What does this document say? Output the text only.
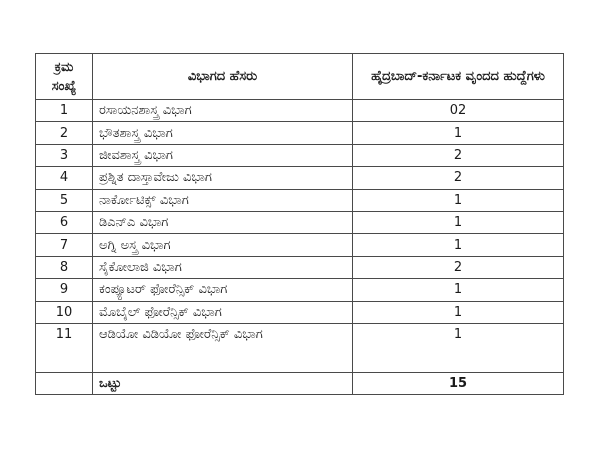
ಕ್ರಮ ಸಂಖ್ಯೆ	ವಿಭಾಗದ ಹೆಸರು	ಹೈದ್ರಬಾದ್-ಕರ್ನಾಟಕ ವೃಂದದ ಹುದ್ದೆಗಳು
1	ರಸಾಯನಶಾಸ್ತ್ರ ವಿಭಾಗ	02
2	ಭೌತಶಾಸ್ತ್ರ ವಿಭಾಗ	1
3	ಜೀವಶಾಸ್ತ್ರ ವಿಭಾಗ	2
4	ಪ್ರಶ್ನಿತ ದಾಸ್ತಾವೇಜು ವಿಭಾಗ	2
5	ನಾರ್ಕೋಟಿಕ್ಸ್ ವಿಭಾಗ	1
6	ಡಿಎನ್‌ಎ ವಿಭಾಗ	1
7	ಅಗ್ನಿ ಅಸ್ತ್ರ ವಿಭಾಗ	1
8	ಸೈಕೋಲಾಜಿ ವಿಭಾಗ	2
9	ಕಂಪ್ಯೂಟರ್ ಫೋರೆನ್ಸಿಕ್ ವಿಭಾಗ	1
10	ಮೊಬೈಲ್ ಫೋರೆನ್ಸಿಕ್ ವಿಭಾಗ	1
11	ಆಡಿಯೋ ವಿಡಿಯೋ ಫೋರೆನ್ಸಿಕ್ ವಿಭಾಗ	1
	ಒಟ್ಟು	15
